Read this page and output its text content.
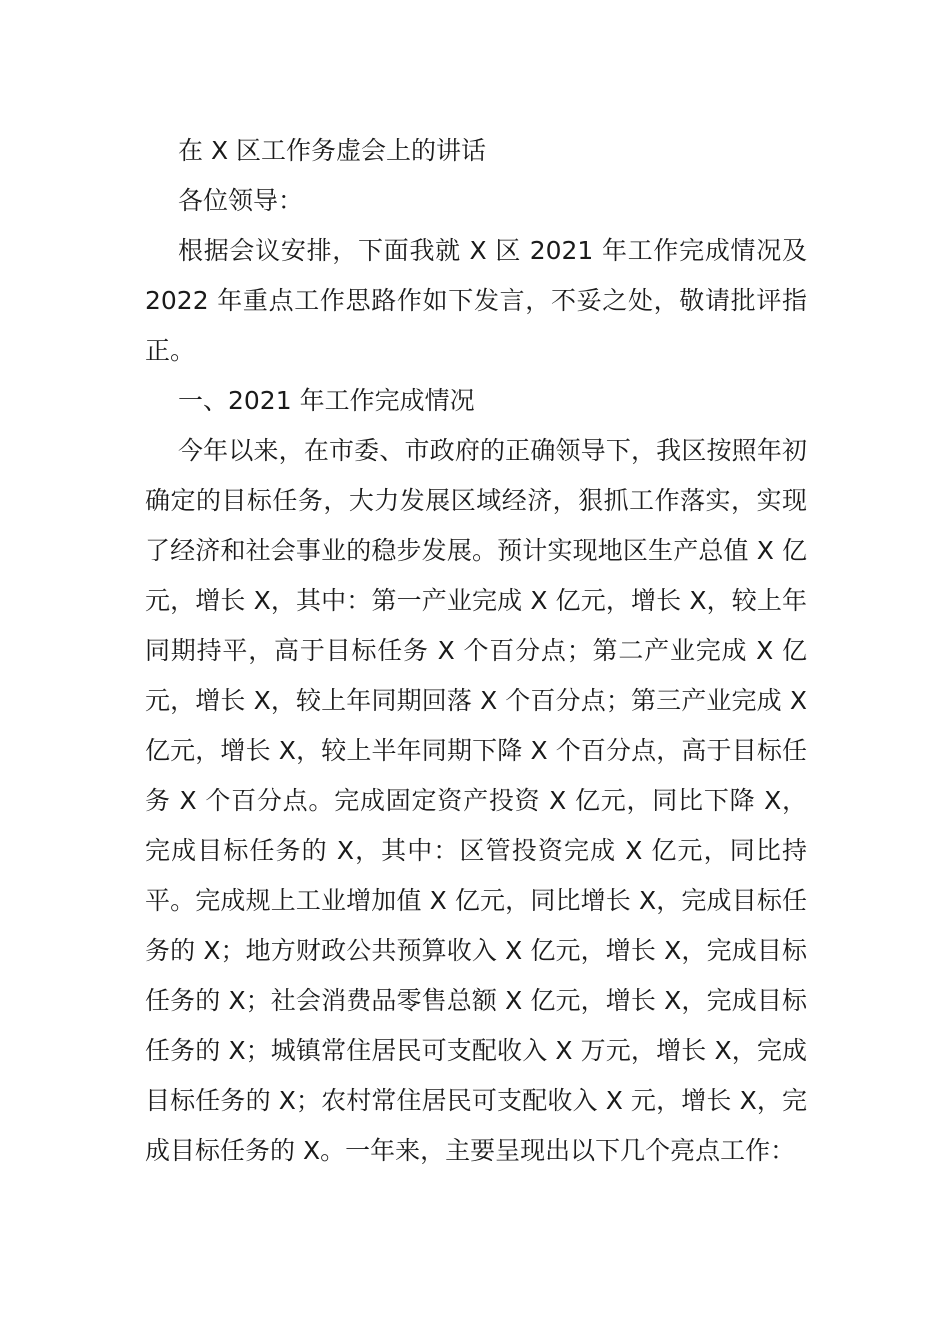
在 X 区工作务虚会上的讲话

各位领导：

根据会议安排，下面我就 X 区 2021 年工作完成情况及 2022 年重点工作思路作如下发言，不妥之处，敬请批评指正。

一、2021 年工作完成情况

今年以来，在市委、市政府的正确领导下，我区按照年初确定的目标任务，大力发展区域经济，狠抓工作落实，实现了经济和社会事业的稳步发展。预计实现地区生产总值 X 亿元，增长 X，其中：第一产业完成 X 亿元，增长 X，较上年同期持平，高于目标任务 X 个百分点；第二产业完成 X 亿元，增长 X，较上年同期回落 X 个百分点；第三产业完成 X 亿元，增长 X，较上半年同期下降 X 个百分点，高于目标任务 X 个百分点。完成固定资产投资 X 亿元，同比下降 X，完成目标任务的 X，其中：区管投资完成 X 亿元，同比持平。完成规上工业增加值 X 亿元，同比增长 X，完成目标任务的 X；地方财政公共预算收入 X 亿元，增长 X，完成目标任务的 X；社会消费品零售总额 X 亿元，增长 X，完成目标任务的 X；城镇常住居民可支配收入 X 万元，增长 X，完成目标任务的 X；农村常住居民可支配收入 X 元，增长 X，完成目标任务的 X。一年来，主要呈现出以下几个亮点工作：
